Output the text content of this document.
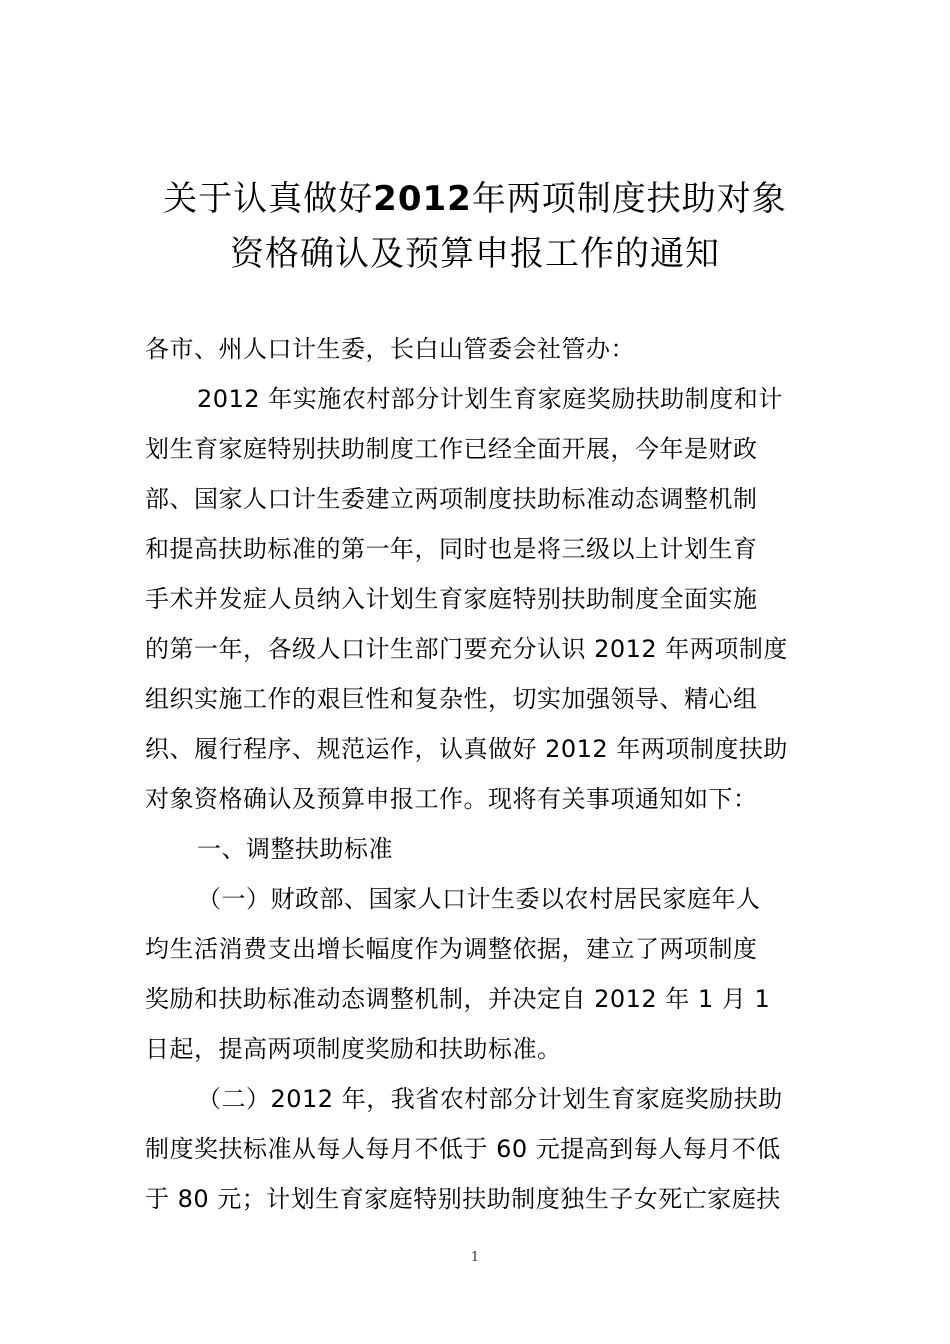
关于认真做好2012年两项制度扶助对象
资格确认及预算申报工作的通知
各市、州人口计生委，长白山管委会社管办：
2012 年实施农村部分计划生育家庭奖励扶助制度和计
划生育家庭特别扶助制度工作已经全面开展，今年是财政
部、国家人口计生委建立两项制度扶助标准动态调整机制
和提高扶助标准的第一年，同时也是将三级以上计划生育
手术并发症人员纳入计划生育家庭特别扶助制度全面实施
的第一年，各级人口计生部门要充分认识 2012 年两项制度
组织实施工作的艰巨性和复杂性，切实加强领导、精心组
织、履行程序、规范运作，认真做好 2012 年两项制度扶助
对象资格确认及预算申报工作。现将有关事项通知如下：
一、调整扶助标准
（一）财政部、国家人口计生委以农村居民家庭年人
均生活消费支出增长幅度作为调整依据，建立了两项制度
奖励和扶助标准动态调整机制，并决定自 2012 年 1 月 1
日起，提高两项制度奖励和扶助标准。
（二）2012 年，我省农村部分计划生育家庭奖励扶助
制度奖扶标准从每人每月不低于 60 元提高到每人每月不低
于 80 元；计划生育家庭特别扶助制度独生子女死亡家庭扶
1
